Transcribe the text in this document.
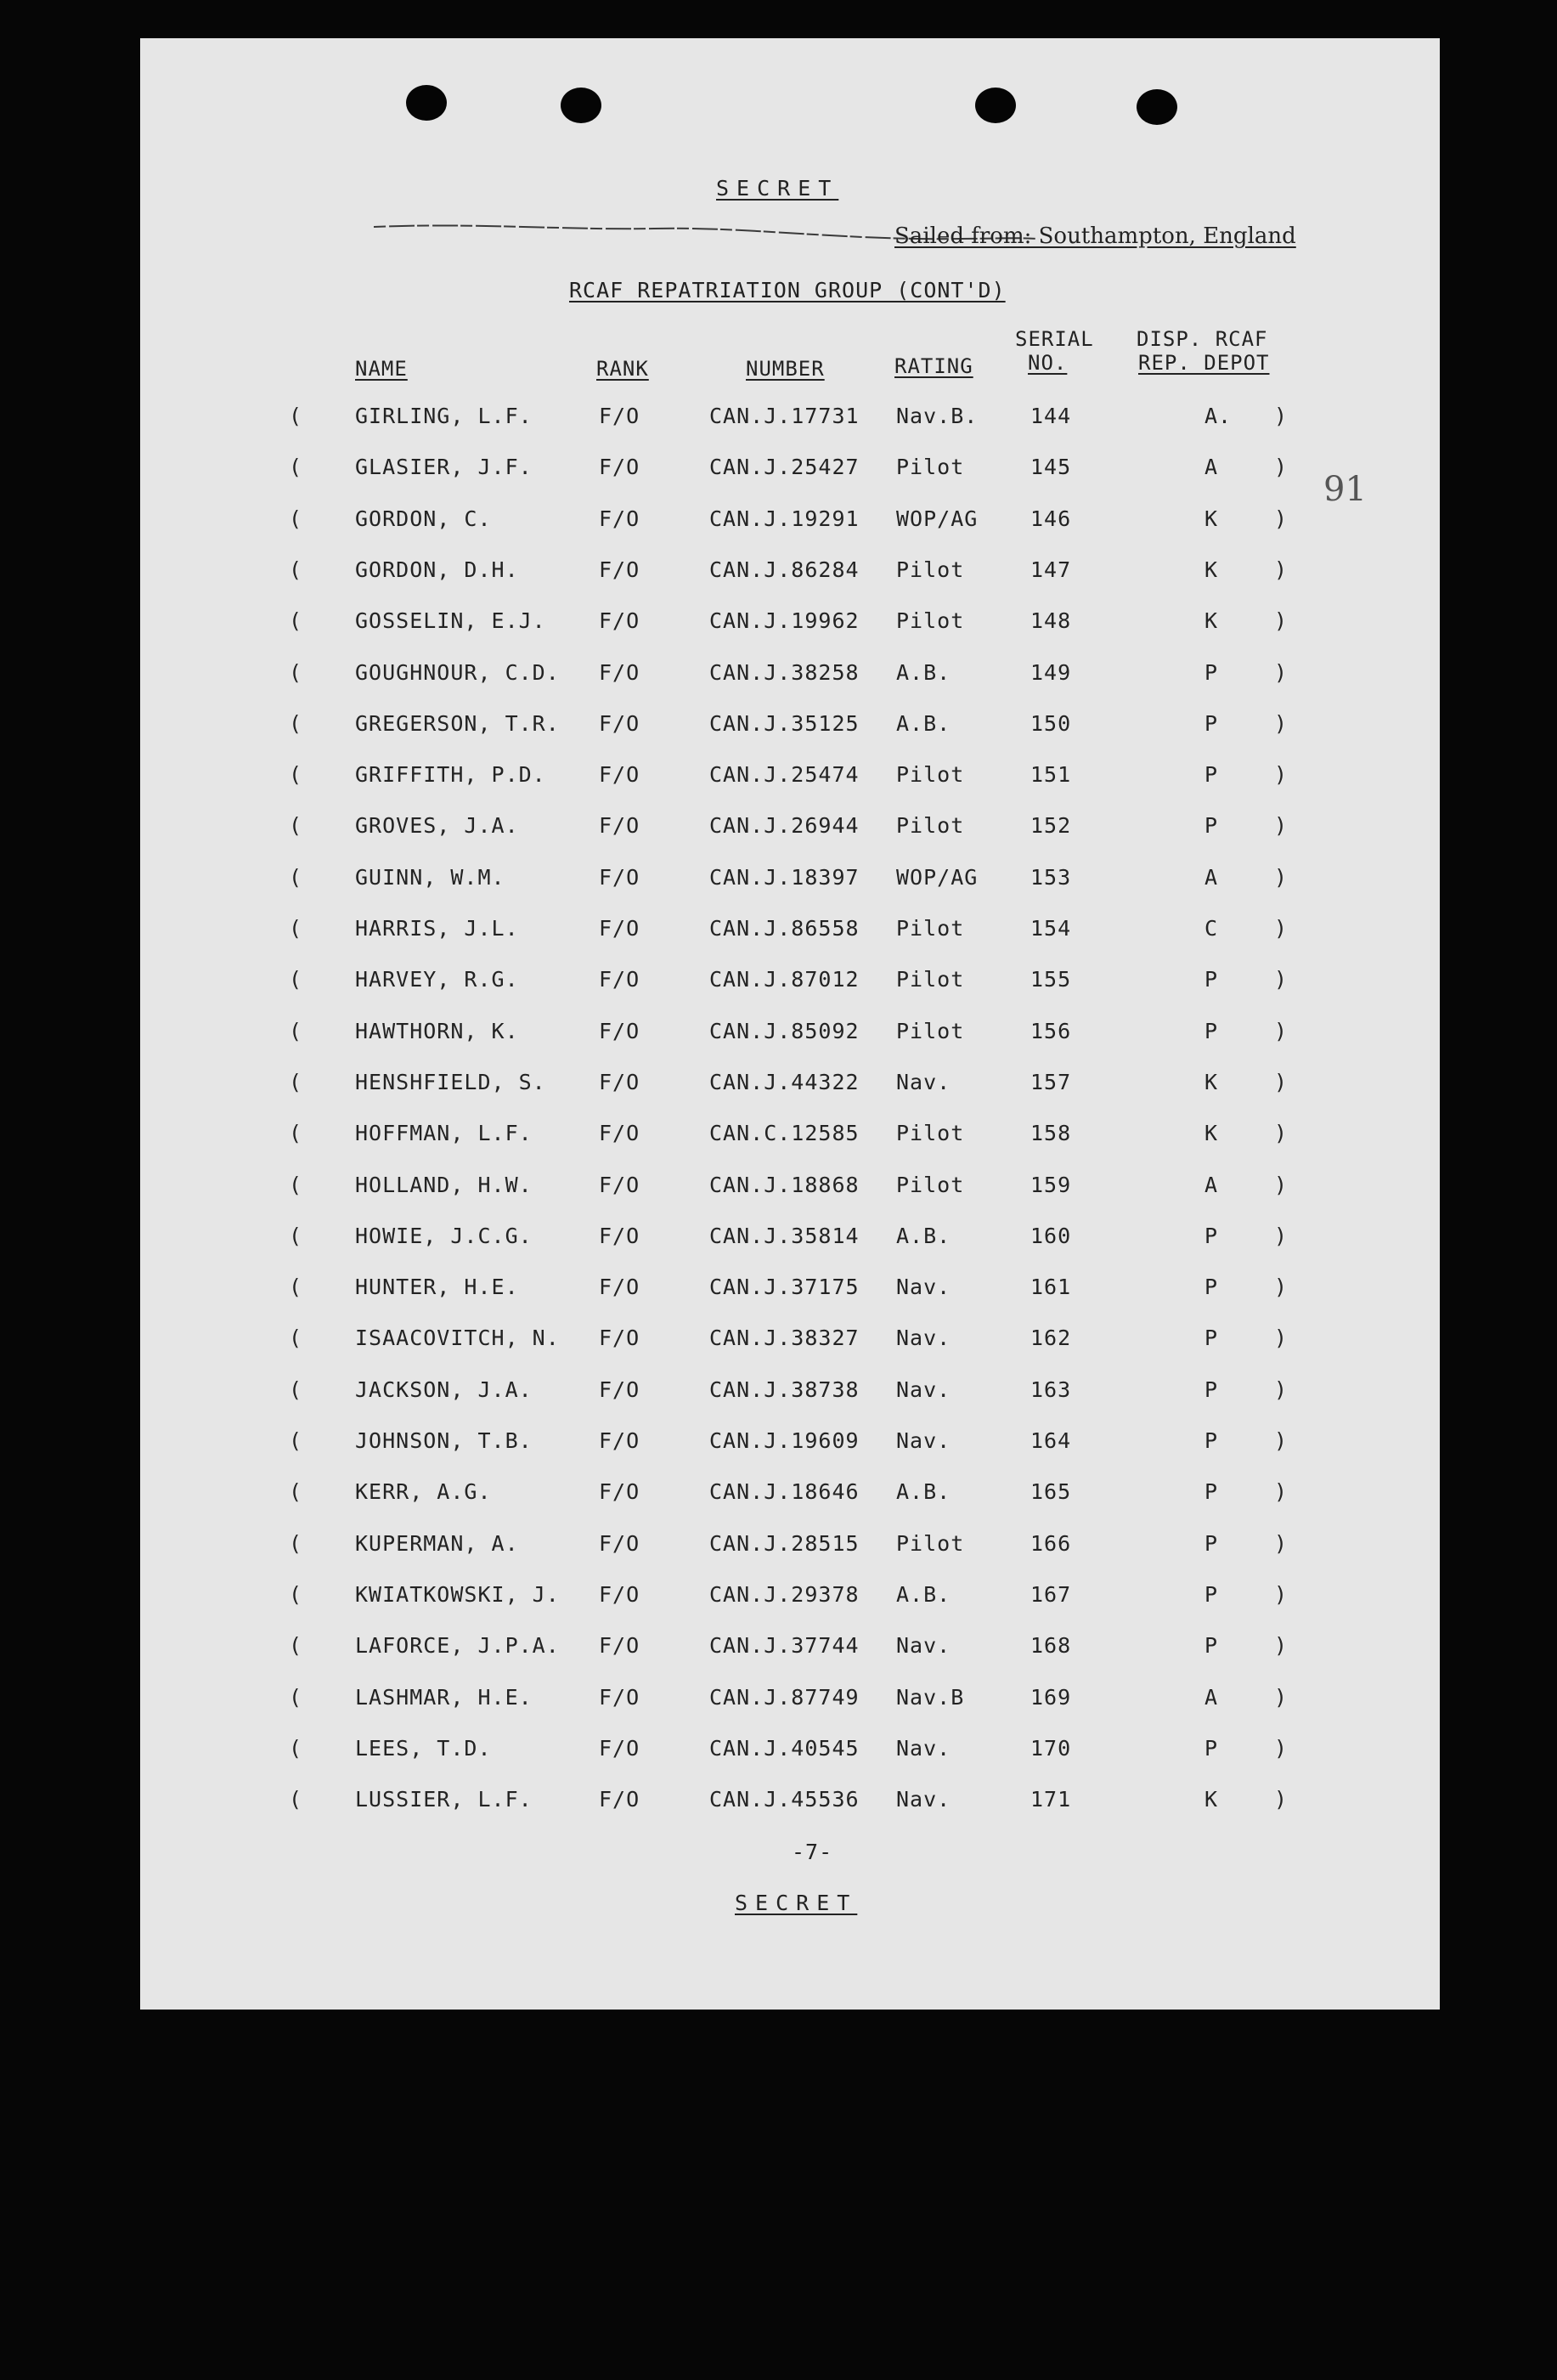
SECRET
Sailed from: Southampton, England
RCAF REPATRIATION GROUP (CONT'D)
91
NAME	RANK	NUMBER	RATING
SERIAL
NO.
DISP. RCAF
REP. DEPOT
( GIRLING, L.F.	F/O	CAN.J.17731 Nav.B. 144	A. )
( GLASIER, J.F.	F/O	CAN.J.25427 Pilot	145	A	)
( GORDON, C.	F/O	CAN.J.19291 WOP/AG 146	K	)
( GORDON, D.H.	F/O	CAN.J.86284 Pilot	147	K	)
( GOSSELIN, E.J. F/O	CAN.J.19962 Pilot	148	K	)
( GOUGHNOUR, C.D. F/O	CAN.J.38258 A.B.	149	P	)
( GREGERSON, T.R. F/O	CAN.J.35125 A.B.	150	P	)
( GRIFFITH, P.D. F/O	CAN.J.25474 Pilot	151	P	)
( GROVES, J.A.	F/O	CAN.J.26944 Pilot	152	P	)
( GUINN, W.M.	F/O	CAN.J.18397 WOP/AG 153	A	)
( HARRIS, J.L.	F/O	CAN.J.86558 Pilot	154	C	)
( HARVEY, R.G.	F/O	CAN.J.87012 Pilot	155	P	)
( HAWTHORN, K.	F/O	CAN.J.85092 Pilot	156	P	)
( HENSHFIELD, S. F/O	CAN.J.44322 Nav.	157	K	)
( HOFFMAN, L.F.	F/O	CAN.C.12585 Pilot	158	K	)
( HOLLAND, H.W.	F/O	CAN.J.18868 Pilot	159	A	)
( HOWIE, J.C.G.	F/O	CAN.J.35814 A.B.	160	P	)
( HUNTER, H.E.	F/O	CAN.J.37175 Nav.	161	P	)
( ISAACOVITCH, N. F/O	CAN.J.38327 Nav.	162	P	)
( JACKSON, J.A.	F/O	CAN.J.38738 Nav.	163	P	)
( JOHNSON, T.B.	F/O	CAN.J.19609 Nav.	164	P	)
( KERR, A.G.	F/O	CAN.J.18646 A.B.	165	P	)
( KUPERMAN, A.	F/O	CAN.J.28515 Pilot	166	P	)
( KWIATKOWSKI, J. F/O	CAN.J.29378 A.B.	167	P	)
( LAFORCE, J.P.A. F/O	CAN.J.37744 Nav.	168	P	)
( LASHMAR, H.E.	F/O	CAN.J.87749 Nav.B	169	A	)
( LEES, T.D.	F/O	CAN.J.40545 Nav.	170	P	)
( LUSSIER, L.F.	F/O	CAN.J.45536 Nav.	171	K	)
-7-
SECRET
